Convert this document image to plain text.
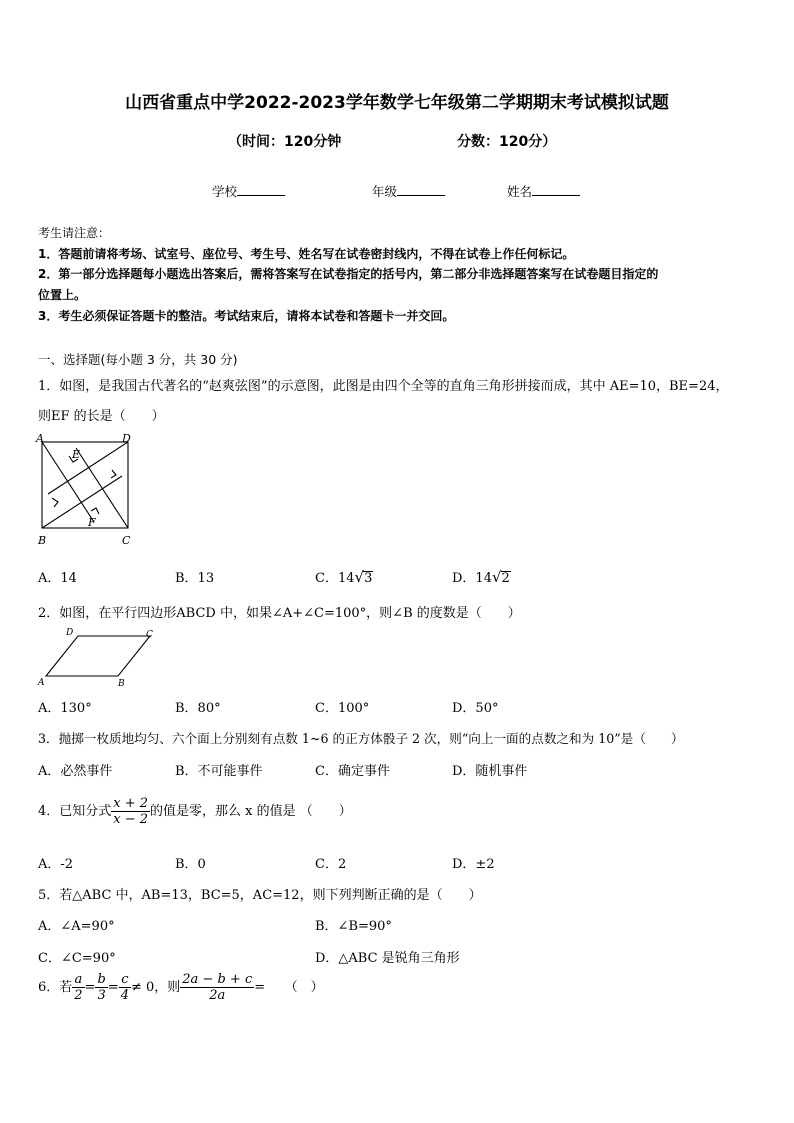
山西省重点中学2022-2023学年数学七年级第二学期期末考试模拟试题
（时间：120分钟	分数：120分）
学校	年级	姓名
考生请注意：
1．答题前请将考场、试室号、座位号、考生号、姓名写在试卷密封线内，不得在试卷上作任何标记。
2．第一部分选择题每小题选出答案后，需将答案写在试卷指定的括号内，第二部分非选择题答案写在试卷题目指定的
位置上。
3．考生必须保证答题卡的整洁。考试结束后，请将本试卷和答题卡一并交回。
一、选择题(每小题 3 分，共 30 分)
1．如图，是我国古代著名的“赵爽弦图”的示意图，此图是由四个全等的直角三角形拼接而成，其中 AE=10，BE=24，
则EF 的长是（　　）
A	D
E
F
B	C
A．14	B．13	C．14√3	D．14√2
2．如图，在平行四边形ABCD 中，如果∠A+∠C=100°，则∠B 的度数是（　　）
A	B
C
D
A．130°	B．80°	C．100°	D．50°
3．抛掷一枚质地均匀、六个面上分别刻有点数 1~6 的正方体骰子 2 次，则“向上一面的点数之和为 10”是（　　）
A．必然事件	B．不可能事件	C．确定事件	D．随机事件
4．已知分式 $\frac{x + 2}{x - 2}$ 的值是零，那么 x 的值是 （　　）
A．-2	B．0	C．2	D．±2
5．若△ABC 中，AB=13，BC=5，AC=12，则下列判断正确的是（　　）
A．∠A=90°	B．∠B=90°
C．∠C=90°	D．△ABC 是锐角三角形
6．若 $\frac{a}{2} = \frac{b}{3} = \frac{c}{4} \ne 0$，则 $\frac{2a - b + c}{2a}$ =　　（　）
